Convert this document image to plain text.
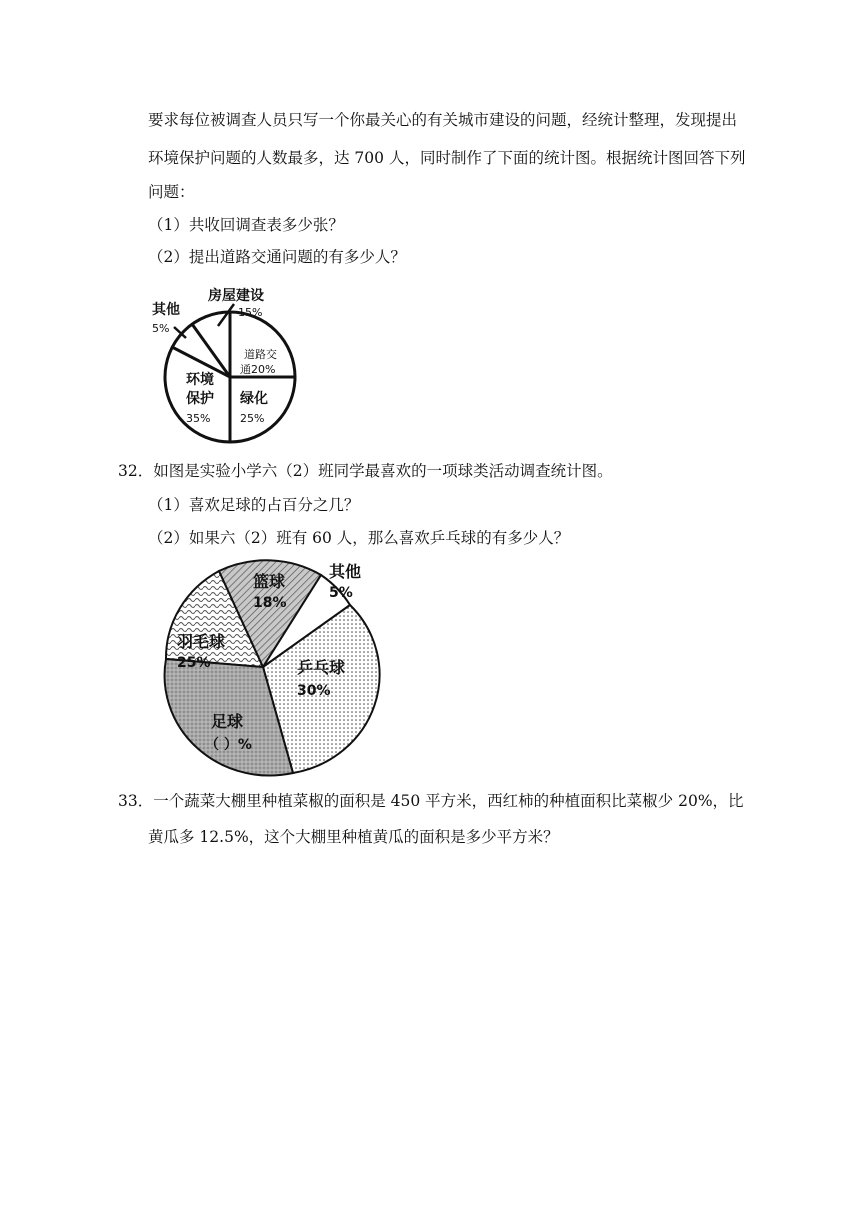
要求每位被调查人员只写一个你最关心的有关城市建设的问题，经统计整理，发现提出
环境保护问题的人数最多，达 700 人，同时制作了下面的统计图。根据统计图回答下列
问题：
（1）共收回调查表多少张？
（2）提出道路交通问题的有多少人？
房屋建设
15%
其他
5%
道路交
通20%
环境
保护
35%
绿化
25%
32．如图是实验小学六（2）班同学最喜欢的一项球类活动调查统计图。
（1）喜欢足球的占百分之几？
（2）如果六（2）班有 60 人，那么喜欢乒乓球的有多少人？
篮球
18%
其他
5%
羽毛球
25%	乒乓球
30%
足球
（ ）%
33．一个蔬菜大棚里种植菜椒的面积是 450 平方米，西红柿的种植面积比菜椒少 20%，比
黄瓜多 12.5%，这个大棚里种植黄瓜的面积是多少平方米？
